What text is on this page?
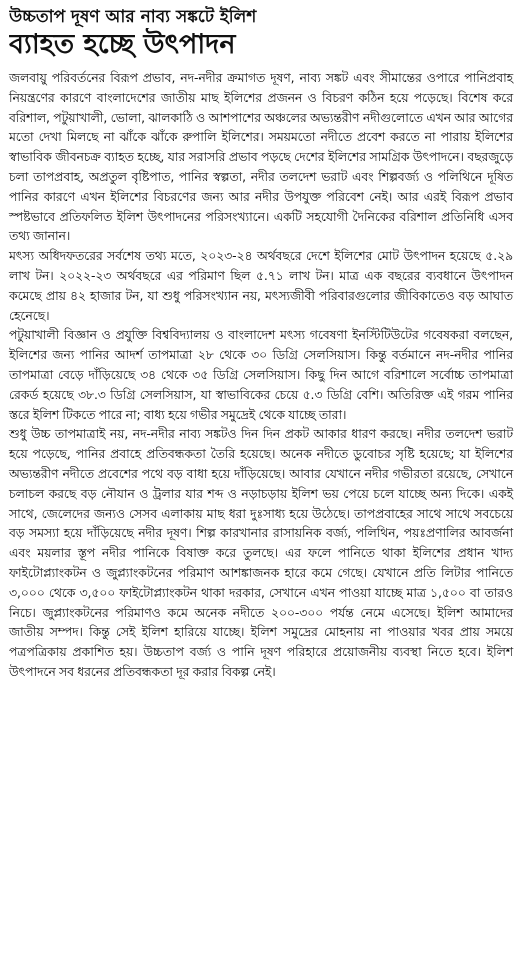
উচ্চতাপ দূষণ আর নাব্য সঙ্কটে ইলিশ
ব্যাহত হচ্ছে উৎপাদন

জলবায়ু পরিবর্তনের বিরূপ প্রভাব, নদ-নদীর ক্রমাগত দূষণ, নাব্য সঙ্কট এবং সীমান্তের ওপারে পানিপ্রবাহ নিয়ন্ত্রণের কারণে বাংলাদেশের জাতীয় মাছ ইলিশের প্রজনন ও বিচরণ কঠিন হয়ে পড়েছে। বিশেষ করে বরিশাল, পটুয়াখালী, ভোলা, ঝালকাঠি ও আশপাশের অঞ্চলের অভ্যন্তরীণ নদীগুলোতে এখন আর আগের মতো দেখা মিলছে না ঝাঁকে ঝাঁকে রুপালি ইলিশের। সময়মতো নদীতে প্রবেশ করতে না পারায় ইলিশের স্বাভাবিক জীবনচক্র ব্যাহত হচ্ছে, যার সরাসরি প্রভাব পড়ছে দেশের ইলিশের সামগ্রিক উৎপাদনে। বছরজুড়ে চলা তাপপ্রবাহ, অপ্রতুল বৃষ্টিপাত, পানির স্বল্পতা, নদীর তলদেশ ভরাট এবং শিল্পবর্জ্য ও পলিথিনে দূষিত পানির কারণে এখন ইলিশের বিচরণের জন্য আর নদীর উপযুক্ত পরিবেশ নেই। আর এরই বিরূপ প্রভাব স্পষ্টভাবে প্রতিফলিত ইলিশ উৎপাদনের পরিসংখ্যানে। একটি সহযোগী দৈনিকের বরিশাল প্রতিনিধি এসব তথ্য জানান।

মৎস্য অধিদফতরের সর্বশেষ তথ্য মতে, ২০২৩-২৪ অর্থবছরে দেশে ইলিশের মোট উৎপাদন হয়েছে ৫.২৯ লাখ টন। ২০২২-২৩ অর্থবছরে এর পরিমাণ ছিল ৫.৭১ লাখ টন। মাত্র এক বছরের ব্যবধানে উৎপাদন কমেছে প্রায় ৪২ হাজার টন, যা শুধু পরিসংখ্যান নয়, মৎস্যজীবী পরিবারগুলোর জীবিকাতেও বড় আঘাত হেনেছে।

পটুয়াখালী বিজ্ঞান ও প্রযুক্তি বিশ্ববিদ্যালয় ও বাংলাদেশ মৎস্য গবেষণা ইনস্টিটিউটের গবেষকরা বলছেন, ইলিশের জন্য পানির আদর্শ তাপমাত্রা ২৮ থেকে ৩০ ডিগ্রি সেলসিয়াস। কিন্তু বর্তমানে নদ-নদীর পানির তাপমাত্রা বেড়ে দাঁড়িয়েছে ৩৪ থেকে ৩৫ ডিগ্রি সেলসিয়াস। কিছু দিন আগে বরিশালে সর্বোচ্চ তাপমাত্রা রেকর্ড হয়েছে ৩৮.৩ ডিগ্রি সেলসিয়াস, যা স্বাভাবিকের চেয়ে ৫.৩ ডিগ্রি বেশি। অতিরিক্ত এই গরম পানির স্তরে ইলিশ টিকতে পারে না; বাধ্য হয়ে গভীর সমুদ্রেই থেকে যাচ্ছে তারা।

শুধু উচ্চ তাপমাত্রাই নয়, নদ-নদীর নাব্য সঙ্কটও দিন দিন প্রকট আকার ধারণ করছে। নদীর তলদেশ ভরাট হয়ে পড়েছে, পানির প্রবাহে প্রতিবন্ধকতা তৈরি হয়েছে। অনেক নদীতে ডুবোচর সৃষ্টি হয়েছে; যা ইলিশের অভ্যন্তরীণ নদীতে প্রবেশের পথে বড় বাধা হয়ে দাঁড়িয়েছে। আবার যেখানে নদীর গভীরতা রয়েছে, সেখানে চলাচল করছে বড় নৌযান ও ট্রলার যার শব্দ ও নড়াচড়ায় ইলিশ ভয় পেয়ে চলে যাচ্ছে অন্য দিকে। একই সাথে, জেলেদের জন্যও সেসব এলাকায় মাছ ধরা দুঃসাধ্য হয়ে উঠেছে। তাপপ্রবাহের সাথে সাথে সবচেয়ে বড় সমস্যা হয়ে দাঁড়িয়েছে নদীর দূষণ। শিল্প কারখানার রাসায়নিক বর্জ্য, পলিথিন, পয়ঃপ্রণালির আবর্জনা এবং ময়লার স্তূপ নদীর পানিকে বিষাক্ত করে তুলছে। এর ফলে পানিতে থাকা ইলিশের প্রধান খাদ্য ফাইটোপ্ল্যাংকটন ও জুপ্ল্যাংকটনের পরিমাণ আশঙ্কাজনক হারে কমে গেছে। যেখানে প্রতি লিটার পানিতে ৩,০০০ থেকে ৩,৫০০ ফাইটোপ্ল্যাংকটন থাকা দরকার, সেখানে এখন পাওয়া যাচ্ছে মাত্র ১,৫০০ বা তারও নিচে। জুপ্ল্যাংকটনের পরিমাণও কমে অনেক নদীতে ২০০-৩০০ পর্যন্ত নেমে এসেছে। ইলিশ আমাদের জাতীয় সম্পদ। কিন্তু সেই ইলিশ হারিয়ে যাচ্ছে। ইলিশ সমুদ্রের মোহনায় না পাওয়ার খবর প্রায় সময়ে পত্রপত্রিকায় প্রকাশিত হয়। উচ্চতাপ বর্জ্য ও পানি দূষণ পরিহারে প্রয়োজনীয় ব্যবস্থা নিতে হবে। ইলিশ উৎপাদনে সব ধরনের প্রতিবন্ধকতা দূর করার বিকল্প নেই।
